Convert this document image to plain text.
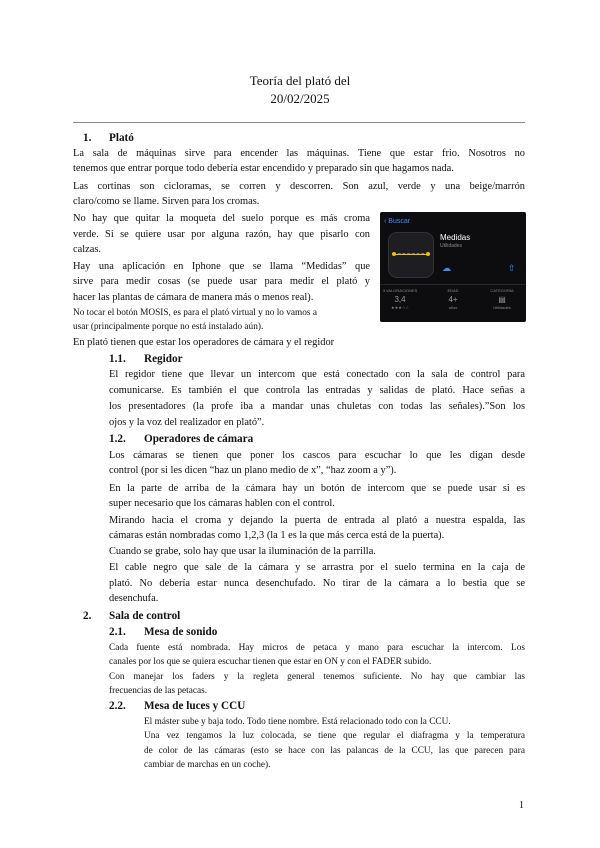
Teoría del plató del
20/02/2025
1. Plató
La sala de máquinas sirve para encender las máquinas. Tiene que estar frio. Nosotros no
tenemos que entrar porque todo debería estar encendido y preparado sin que hagamos nada.
Las cortinas son cicloramas, se corren y descorren. Son azul, verde y una beige/marrón
claro/como se llame. Sirven para los cromas.
No hay que quitar la moqueta del suelo porque es más croma
verde. Si se quiere usar por alguna razón, hay que pisarlo con
calzas.
Hay una aplicación en Iphone que se llama “Medidas” que
sirve para medir cosas (se puede usar para medir el plató y
hacer las plantas de cámara de manera más o menos real).
No tocar el botón MOSIS, es para el plató virtual y no lo vamos a
usar (principalmente porque no está instalado aún).
En plató tienen que estar los operadores de cámara y el regidor
‹ Buscar
Medidas
Utilidades
☁	⇧
3 VALORACIONES
3,4
★★★☆☆
EDAD
4+
años
CATEGORÍA
▤
Utilidades
1.1. Regidor
El regidor tiene que llevar un intercom que está conectado con la sala de control para
comunicarse. Es también el que controla las entradas y salidas de plató. Hace señas a
los presentadores (la profe iba a mandar unas chuletas con todas las señales).”Son los
ojos y la voz del realizador en plató”.
1.2. Operadores de cámara
Los cámaras se tienen que poner los cascos para escuchar lo que les digan desde
control (por si les dicen “haz un plano medio de x”, “haz zoom a y”).
En la parte de arriba de la cámara hay un botón de intercom que se puede usar si es
super necesario que los cámaras hablen con el control.
Mirando hacia el croma y dejando la puerta de entrada al plató a nuestra espalda, las
cámaras están nombradas como 1,2,3 (la 1 es la que más cerca está de la puerta).
Cuando se grabe, solo hay que usar la iluminación de la parrilla.
El cable negro que sale de la cámara y se arrastra por el suelo termina en la caja de
plató. No debería estar nunca desenchufado. No tirar de la cámara a lo bestia que se
desenchufa.
2. Sala de control
2.1. Mesa de sonido
Cada fuente está nombrada. Hay micros de petaca y mano para escuchar la intercom. Los
canales por los que se quiera escuchar tienen que estar en ON y con el FADER subido.
Con manejar los faders y la regleta general tenemos suficiente. No hay que cambiar las
frecuencias de las petacas.
2.2. Mesa de luces y CCU
El máster sube y baja todo. Todo tiene nombre. Está relacionado todo con la CCU.
Una vez tengamos la luz colocada, se tiene que regular el diafragma y la temperatura
de color de las cámaras (esto se hace con las palancas de la CCU, las que parecen para
cambiar de marchas en un coche).
1
